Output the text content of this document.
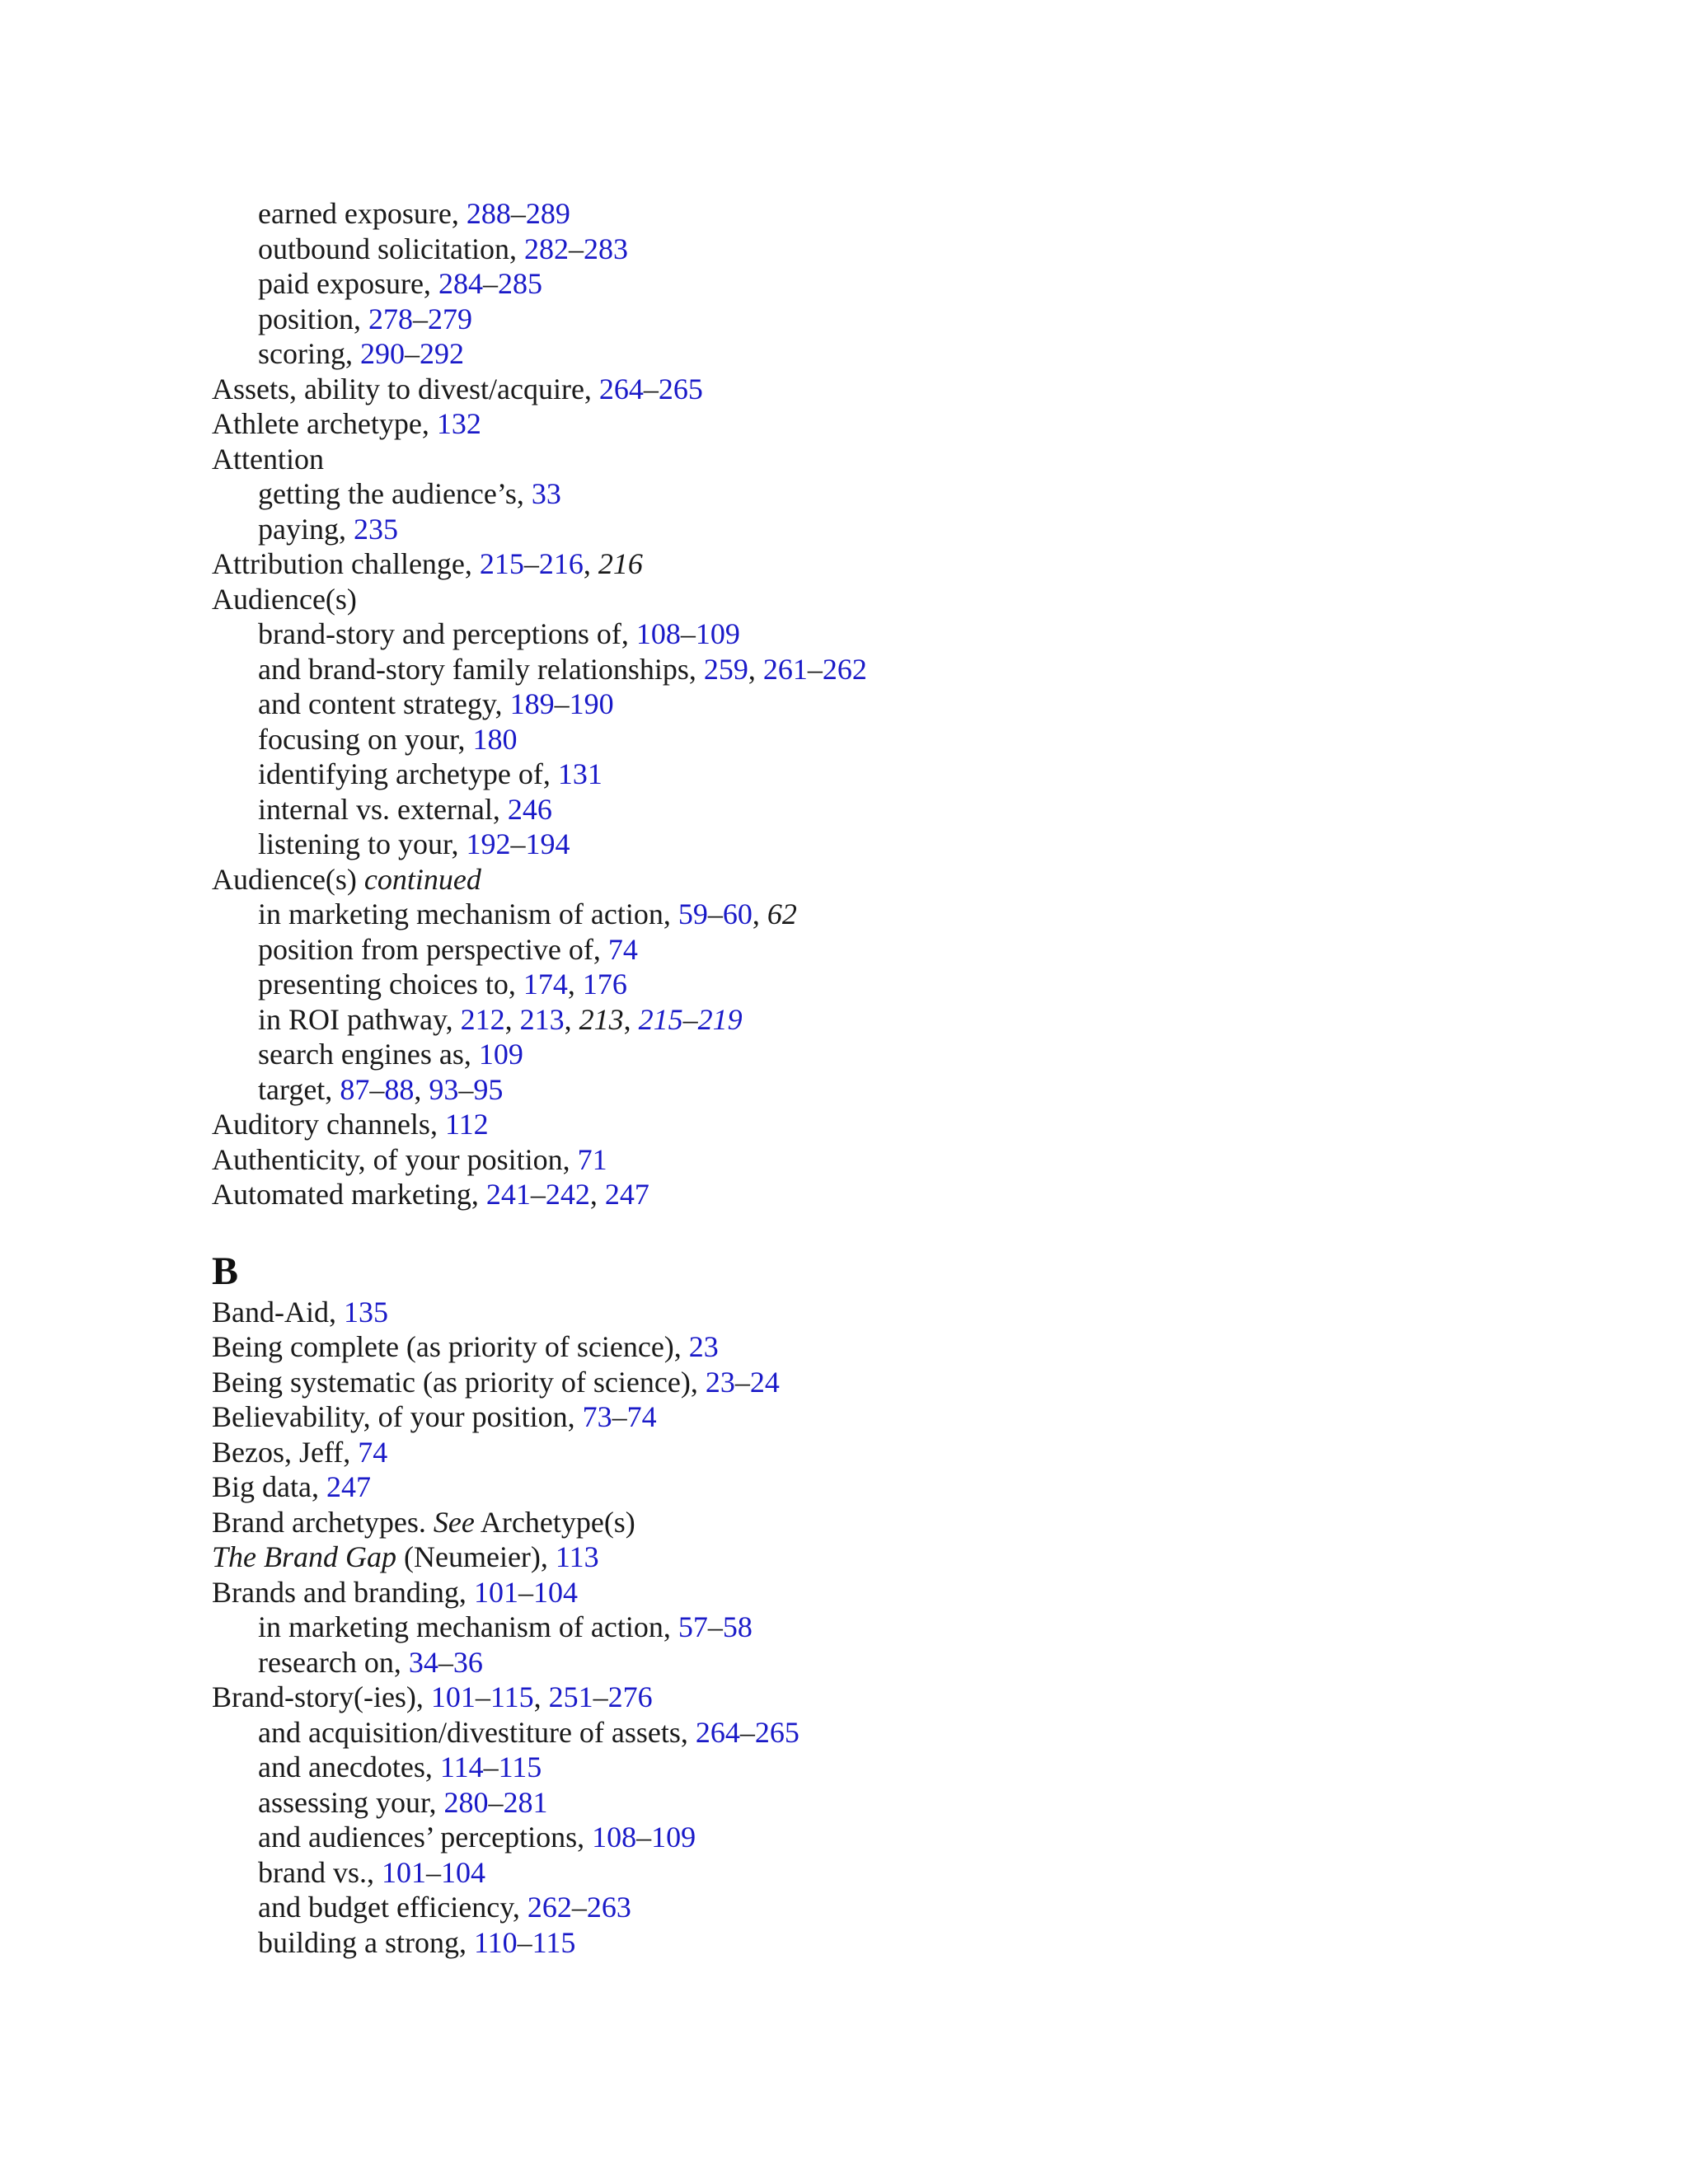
earned exposure, 288–289
outbound solicitation, 282–283
paid exposure, 284–285
position, 278–279
scoring, 290–292
Assets, ability to divest/acquire, 264–265
Athlete archetype, 132
Attention
getting the audience’s, 33
paying, 235
Attribution challenge, 215–216, 216
Audience(s)
brand-story and perceptions of, 108–109
and brand-story family relationships, 259, 261–262
and content strategy, 189–190
focusing on your, 180
identifying archetype of, 131
internal vs. external, 246
listening to your, 192–194
Audience(s) continued
in marketing mechanism of action, 59–60, 62
position from perspective of, 74
presenting choices to, 174, 176
in ROI pathway, 212, 213, 213, 215–219
search engines as, 109
target, 87–88, 93–95
Auditory channels, 112
Authenticity, of your position, 71
Automated marketing, 241–242, 247
B
Band-Aid, 135
Being complete (as priority of science), 23
Being systematic (as priority of science), 23–24
Believability, of your position, 73–74
Bezos, Jeff, 74
Big data, 247
Brand archetypes. See Archetype(s)
The Brand Gap (Neumeier), 113
Brands and branding, 101–104
in marketing mechanism of action, 57–58
research on, 34–36
Brand-story(-ies), 101–115, 251–276
and acquisition/divestiture of assets, 264–265
and anecdotes, 114–115
assessing your, 280–281
and audiences’ perceptions, 108–109
brand vs., 101–104
and budget efficiency, 262–263
building a strong, 110–115
